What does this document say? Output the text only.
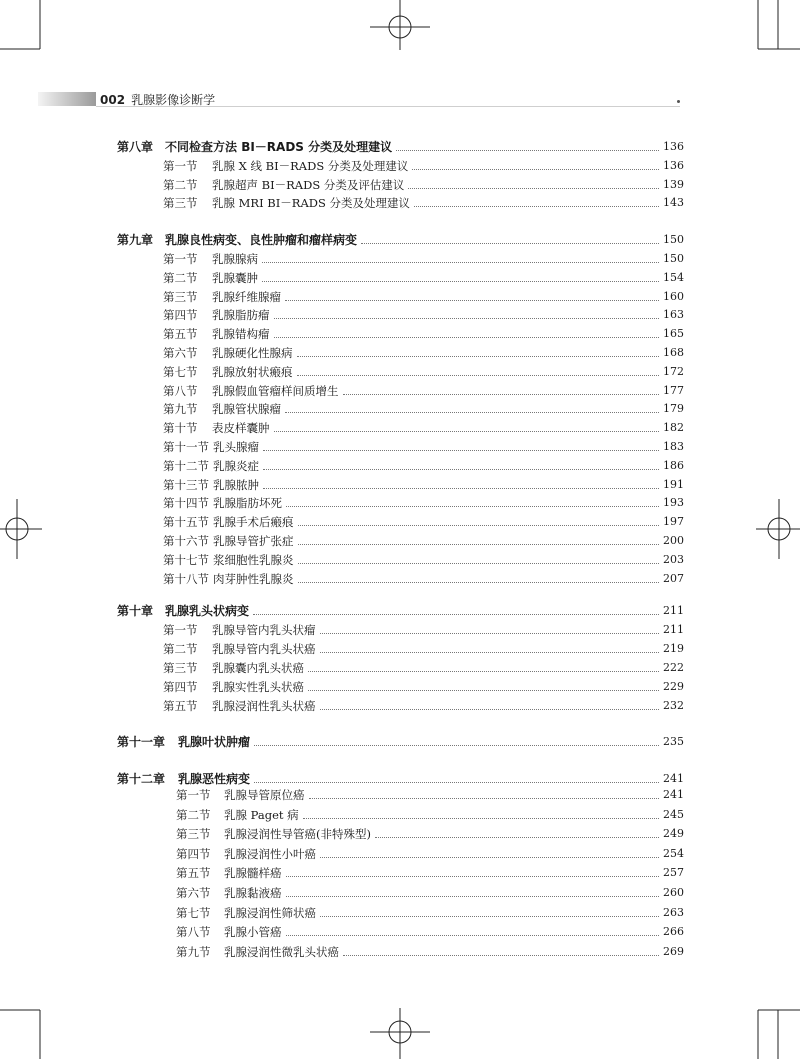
002 乳腺影像诊断学
第八章 不同检查方法 BI－RADS 分类及处理建议	136
第一节 乳腺 X 线 BI－RADS 分类及处理建议	136
第二节 乳腺超声 BI－RADS 分类及评估建议	139
第三节 乳腺 MRI BI－RADS 分类及处理建议	143
第九章 乳腺良性病变、良性肿瘤和瘤样病变	150
第一节 乳腺腺病	150
第二节 乳腺囊肿	154
第三节 乳腺纤维腺瘤	160
第四节 乳腺脂肪瘤	163
第五节 乳腺错构瘤	165
第六节 乳腺硬化性腺病	168
第七节 乳腺放射状瘢痕	172
第八节 乳腺假血管瘤样间质增生	177
第九节 乳腺管状腺瘤	179
第十节 表皮样囊肿	182
第十一节 乳头腺瘤	183
第十二节 乳腺炎症	186
第十三节 乳腺脓肿	191
第十四节 乳腺脂肪坏死	193
第十五节 乳腺手术后瘢痕	197
第十六节 乳腺导管扩张症	200
第十七节 浆细胞性乳腺炎	203
第十八节 肉芽肿性乳腺炎	207
第十章 乳腺乳头状病变	211
第一节 乳腺导管内乳头状瘤	211
第二节 乳腺导管内乳头状癌	219
第三节 乳腺囊内乳头状癌	222
第四节 乳腺实性乳头状癌	229
第五节 乳腺浸润性乳头状癌	232
第十一章 乳腺叶状肿瘤	235
第十二章 乳腺恶性病变	241
第一节 乳腺导管原位癌	241
第二节 乳腺 Paget 病	245
第三节 乳腺浸润性导管癌(非特殊型)	249
第四节 乳腺浸润性小叶癌	254
第五节 乳腺髓样癌	257
第六节 乳腺黏液癌	260
第七节 乳腺浸润性筛状癌	263
第八节 乳腺小管癌	266
第九节 乳腺浸润性微乳头状癌	269
